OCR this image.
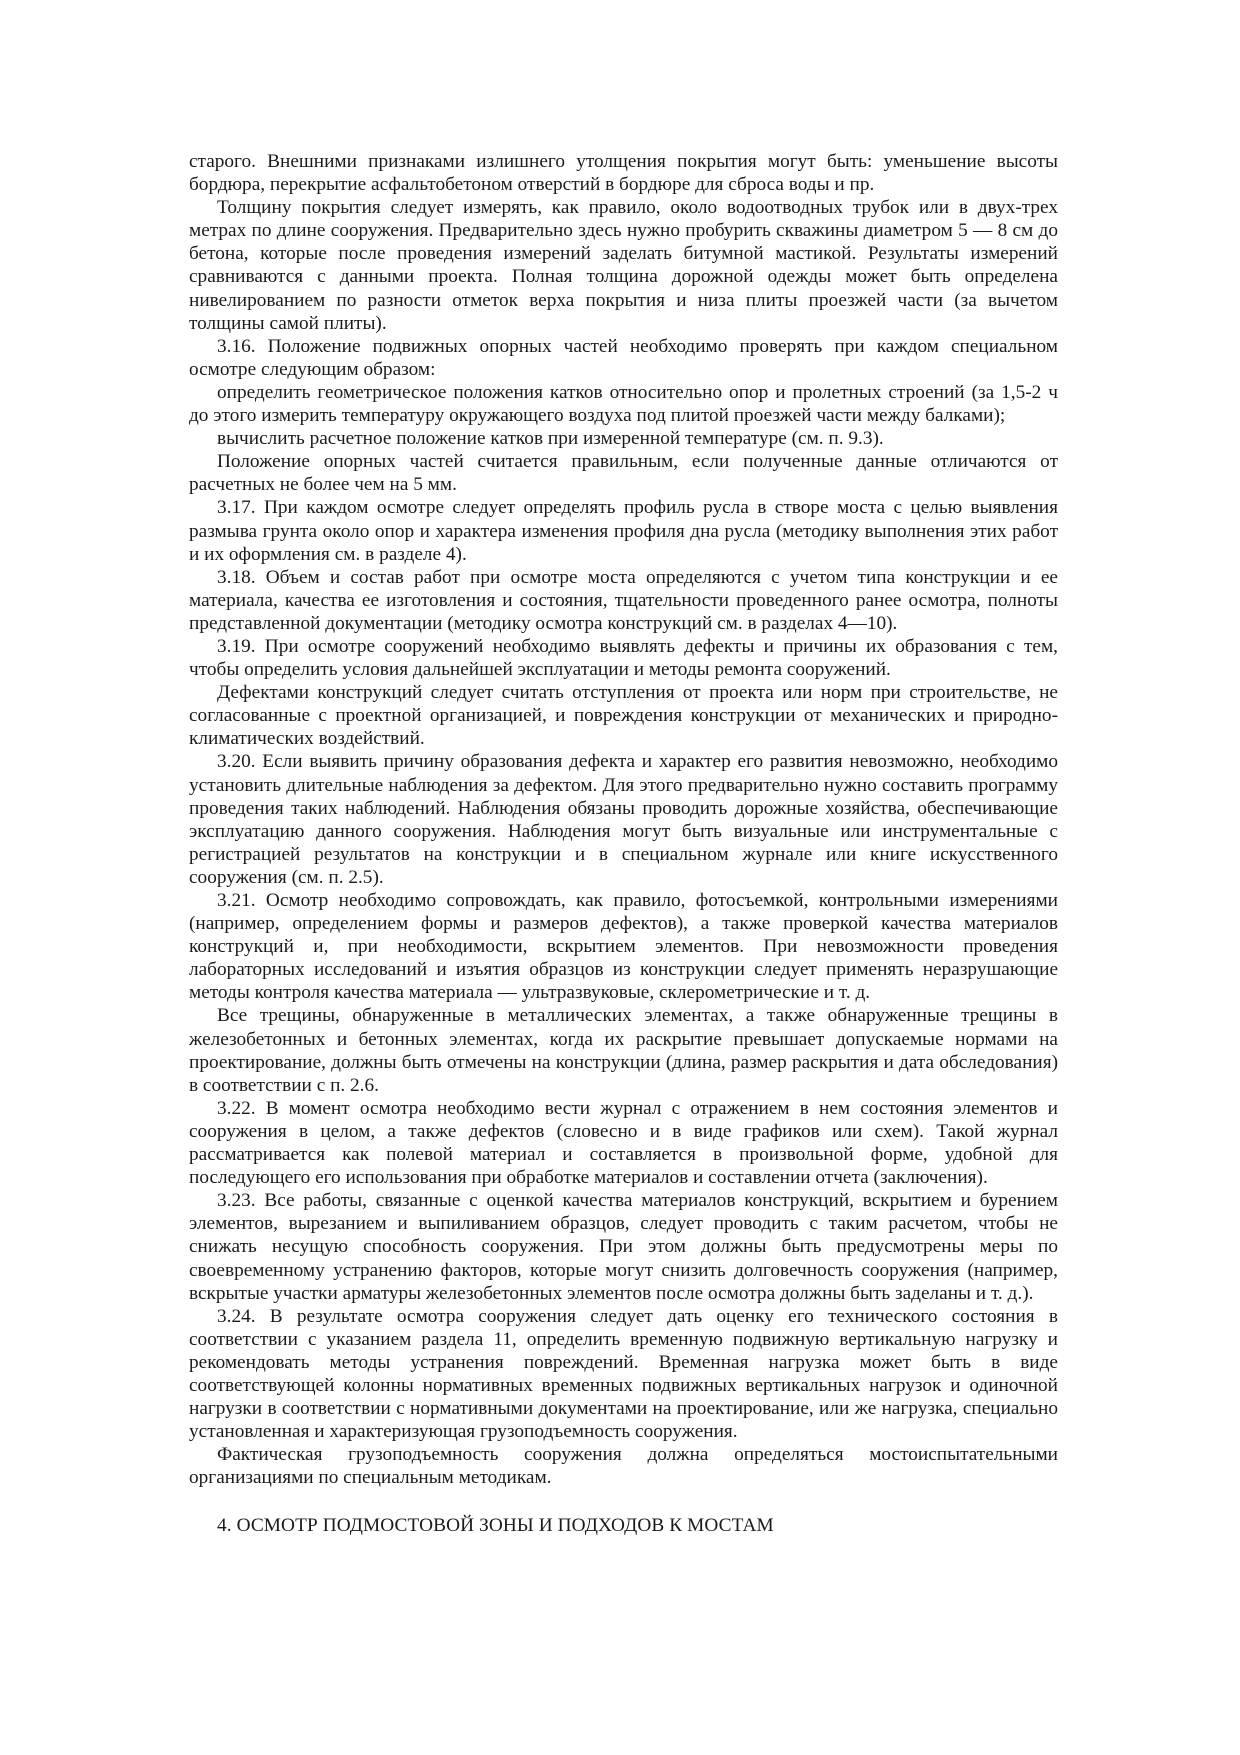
старого. Внешними признаками излишнего утолщения покрытия могут быть: уменьшение высоты бордюра, перекрытие асфальтобетоном отверстий в бордюре для сброса воды и пр.

Толщину покрытия следует измерять, как правило, около водоотводных трубок или в двух-трех метрах по длине сооружения. Предварительно здесь нужно пробурить скважины диаметром 5 — 8 см до бетона, которые после проведения измерений заделать битумной мастикой. Результаты измерений сравниваются с данными проекта. Полная толщина дорожной одежды может быть определена нивелированием по разности отметок верха покрытия и низа плиты проезжей части (за вычетом толщины самой плиты).

3.16. Положение подвижных опорных частей необходимо проверять при каждом специальном осмотре следующим образом:

определить геометрическое положения катков относительно опор и пролетных строений (за 1,5-2 ч до этого измерить температуру окружающего воздуха под плитой проезжей части между балками);

вычислить расчетное положение катков при измеренной температуре (см. п. 9.3).

Положение опорных частей считается правильным, если полученные данные отличаются от расчетных не более чем на 5 мм.

3.17. При каждом осмотре следует определять профиль русла в створе моста с целью выявления размыва грунта около опор и характера изменения профиля дна русла (методику выполнения этих работ и их оформления см. в разделе 4).

3.18. Объем и состав работ при осмотре моста определяются с учетом типа конструкции и ее материала, качества ее изготовления и состояния, тщательности проведенного ранее осмотра, полноты представленной документации (методику осмотра конструкций см. в разделах 4—10).

3.19. При осмотре сооружений необходимо выявлять дефекты и причины их образования с тем, чтобы определить условия дальнейшей эксплуатации и методы ремонта сооружений.

Дефектами конструкций следует считать отступления от проекта или норм при строительстве, не согласованные с проектной организацией, и повреждения конструкции от механических и природно-климатических воздействий.

3.20. Если выявить причину образования дефекта и характер его развития невозможно, необходимо установить длительные наблюдения за дефектом. Для этого предварительно нужно составить программу проведения таких наблюдений. Наблюдения обязаны проводить дорожные хозяйства, обеспечивающие эксплуатацию данного сооружения. Наблюдения могут быть визуальные или инструментальные с регистрацией результатов на конструкции и в специальном журнале или книге искусственного сооружения (см. п. 2.5).

3.21. Осмотр необходимо сопровождать, как правило, фотосъемкой, контрольными измерениями (например, определением формы и размеров дефектов), а также проверкой качества материалов конструкций и, при необходимости, вскрытием элементов. При невозможности проведения лабораторных исследований и изъятия образцов из конструкции следует применять неразрушающие методы контроля качества материала — ультразвуковые, склерометрические и т. д.

Все трещины, обнаруженные в металлических элементах, а также обнаруженные трещины в железобетонных и бетонных элементах, когда их раскрытие превышает допускаемые нормами на проектирование, должны быть отмечены на конструкции (длина, размер раскрытия и дата обследования) в соответствии с п. 2.6.

3.22. В момент осмотра необходимо вести журнал с отражением в нем состояния элементов и сооружения в целом, а также дефектов (словесно и в виде графиков или схем). Такой журнал рассматривается как полевой материал и составляется в произвольной форме, удобной для последующего его использования при обработке материалов и составлении отчета (заключения).

3.23. Все работы, связанные с оценкой качества материалов конструкций, вскрытием и бурением элементов, вырезанием и выпиливанием образцов, следует проводить с таким расчетом, чтобы не снижать несущую способность сооружения. При этом должны быть предусмотрены меры по своевременному устранению факторов, которые могут снизить долговечность сооружения (например, вскрытые участки арматуры железобетонных элементов после осмотра должны быть заделаны и т. д.).

3.24. В результате осмотра сооружения следует дать оценку его технического состояния в соответствии с указанием раздела 11, определить временную подвижную вертикальную нагрузку и рекомендовать методы устранения повреждений. Временная нагрузка может быть в виде соответствующей колонны нормативных временных подвижных вертикальных нагрузок и одиночной нагрузки в соответствии с нормативными документами на проектирование, или же нагрузка, специально установленная и характеризующая грузоподъемность сооружения.

Фактическая грузоподъемность сооружения должна определяться мостоиспытательными организациями по специальным методикам.

4. ОСМОТР ПОДМОСТОВОЙ ЗОНЫ И ПОДХОДОВ К МОСТАМ
